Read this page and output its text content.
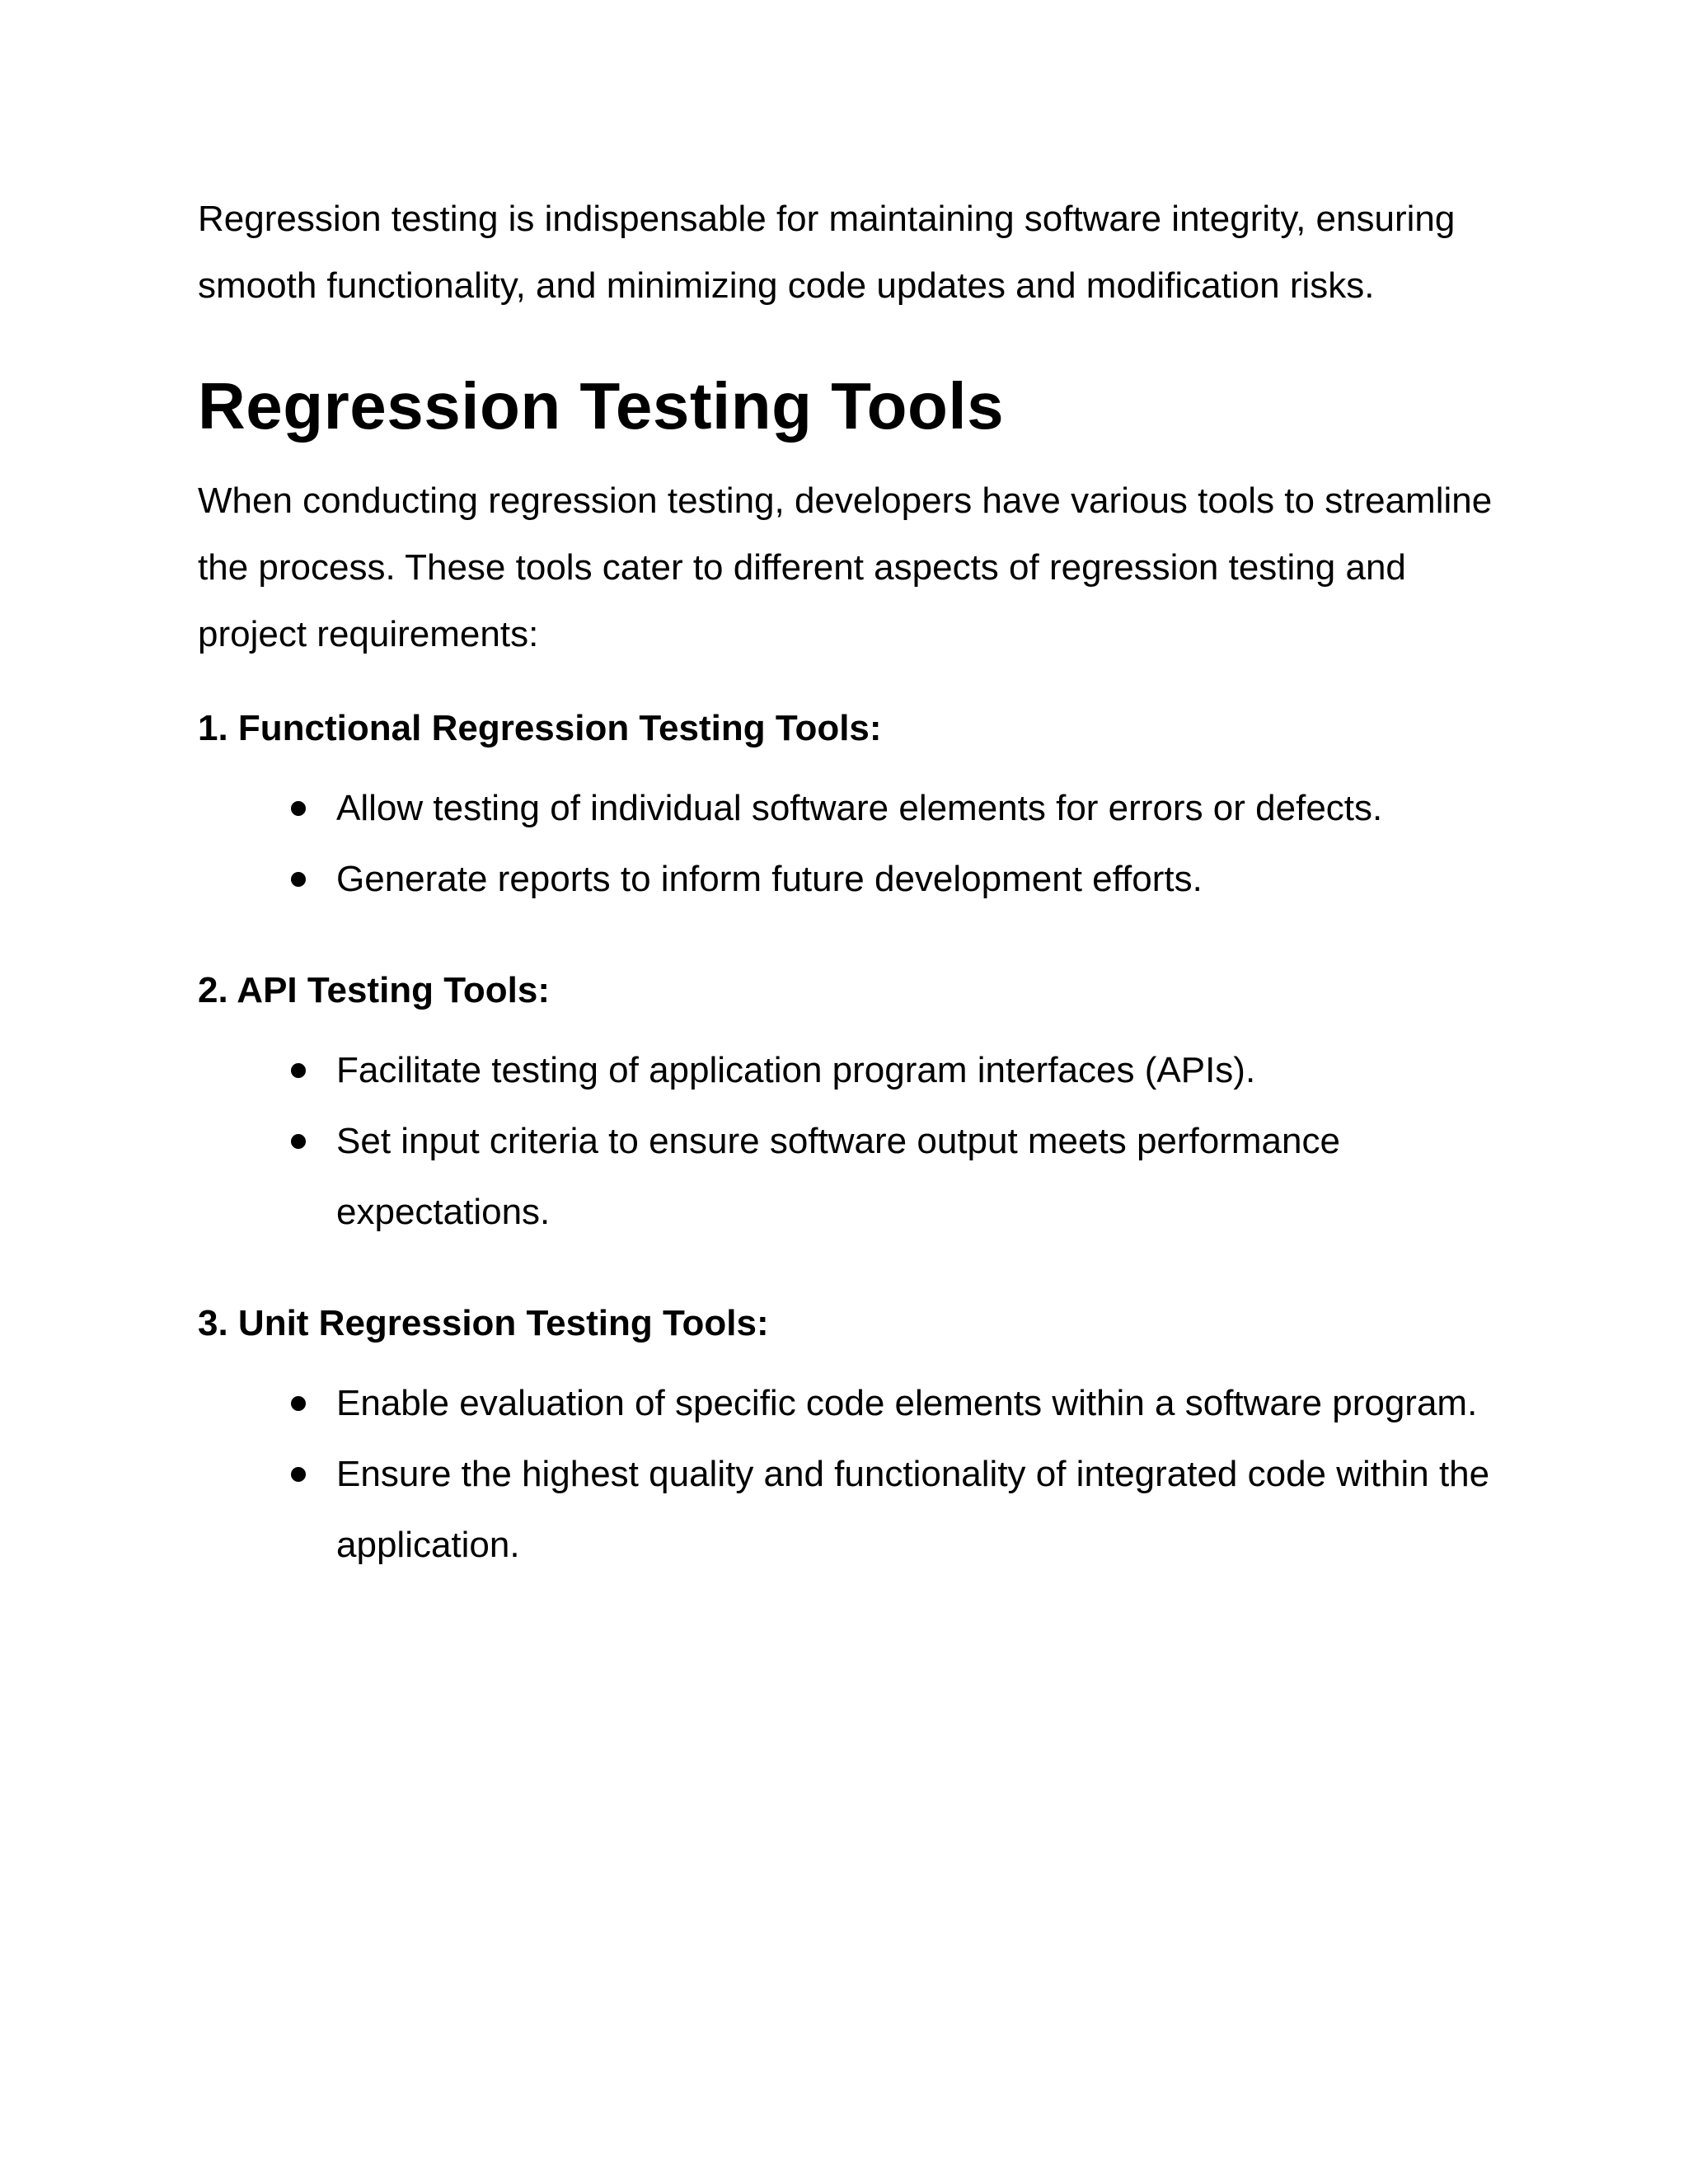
Regression testing is indispensable for maintaining software integrity, ensuring smooth functionality, and minimizing code updates and modification risks.

Regression Testing Tools

When conducting regression testing, developers have various tools to streamline the process. These tools cater to different aspects of regression testing and project requirements:

1. Functional Regression Testing Tools:
Allow testing of individual software elements for errors or defects.
Generate reports to inform future development efforts.
2. API Testing Tools:
Facilitate testing of application program interfaces (APIs).
Set input criteria to ensure software output meets performance expectations.
3. Unit Regression Testing Tools:
Enable evaluation of specific code elements within a software program.
Ensure the highest quality and functionality of integrated code within the application.
